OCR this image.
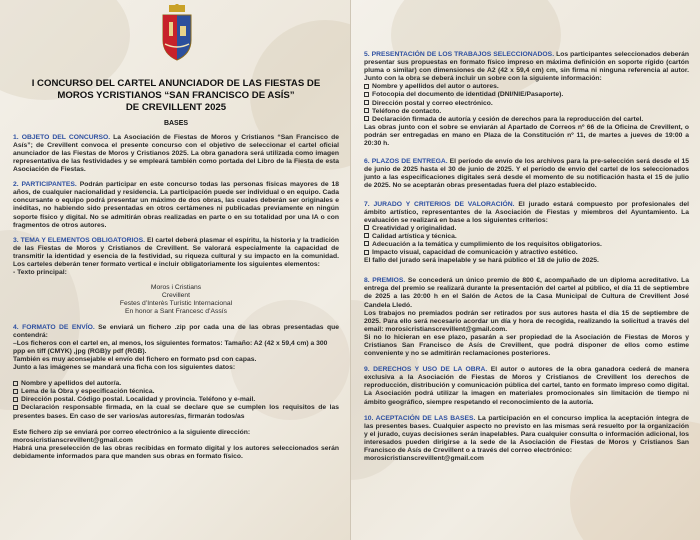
I CONCURSO DEL CARTEL ANUNCIADOR DE LAS FIESTAS DE

MOROS YCRISTIANOS “SAN FRANCISCO DE ASÍS”

DE CREVILLENT 2025

BASES
1. OBJETO DEL CONCURSO. La Asociación de Fiestas de Moros y Cristianos “San Francisco de Asís”; de Crevillent convoca el presente concurso con el objetivo de seleccionar el cartel oficial anunciador de las Fiestas de Moros y Cristianos 2025. La obra ganadora será utilizada como imagen representativa de las festividades y se empleará también como portada del Libro de la Fiesta de esta Asociación de Fiestas.
2. PARTICIPANTES. Podrán participar en este concurso todas las personas físicas mayores de 18 años, de cualquier nacionalidad y residencia. La participación puede ser individual o en equipo. Cada concursante o equipo podrá presentar un máximo de dos obras, las cuales deberán ser originales e inéditas, no habiendo sido presentadas en otros certámenes ni publicadas previamente en ningún soporte físico y digital. No se admitirán obras realizadas en parte o en su totalidad por una IA o con fragmentos de otros autores.
3. TEMA Y ELEMENTOS OBLIGATORIOS. El cartel deberá plasmar el espíritu, la historia y la tradición de las Fiestas de Moros y Cristianos de Crevillent. Se valorará especialmente la capacidad de transmitir la identidad y esencia de la festividad, su riqueza cultural y su impacto en la comunidad. Los carteles deberán tener formato vertical e incluir obligatoriamente los siguientes elementos:

- Texto principal:

Moros i Cristians

Crevillent

Festes d’Interès Turístic Internacional

En honor a Sant Francesc d’Assís

4. FORMATO DE ENVÍO. Se enviará un fichero .zip por cada una de las obras presentadas que contendrá:

–Los ficheros con el cartel en, al menos, los siguientes formatos: Tamaño: A2 (42 x 59,4 cm) a 300 ppp en tiff (CMYK) ,jpg (RGB)y pdf (RGB).

También es muy aconsejable el envío del fichero en formato psd con capas.

Junto a las imágenes se mandará una ficha con los siguientes datos:

Nombre y apellidos del autor/a.

Lema de la Obra y especificación técnica.

Dirección postal. Código postal. Localidad y provincia. Teléfono y e-mail.

Declaración responsable firmada, en la cual se declare que se cumplen los requisitos de las presentes bases. En caso de ser varios/as autores/as, firmarán todos/as

Este fichero zip se enviará por correo electrónico a la siguiente dirección:

morosicristianscrevillent@gmail.com

Habrá una preselección de las obras recibidas en formato digital y los autores seleccionados serán debidamente informados para que manden sus obras en formato físico.

5. PRESENTACIÓN DE LOS TRABAJOS SELECCIONADOS. Los participantes seleccionados deberán presentar sus propuestas en formato físico impreso en máxima definición en soporte rígido (cartón pluma o similar) con dimensiones de A2 (42 x 59,4 cm) cm, sin firma ni ninguna referencia al autor. Junto con la obra se deberá incluir un sobre con la siguiente información:

Nombre y apellidos del autor o autores.

Fotocopia del documento de identidad (DNI/NIE/Pasaporte).

Dirección postal y correo electrónico.

Teléfono de contacto.

Declaración firmada de autoría y cesión de derechos para la reproducción del cartel.

Las obras junto con el sobre se enviarán al Apartado de Correos nº 66 de la Oficina de Crevillent, o podrán ser entregadas en mano en Plaza de la Constitución nº 11, de martes a jueves de 19:00 a 20:30 h.

6. PLAZOS DE ENTREGA. El período de envío de los archivos para la pre-selección será desde el 15 de junio de 2025 hasta el 30 de junio de 2025. Y el período de envío del cartel de los seleccionados junto a las especificaciones digitales será desde el momento de su notificación hasta el 15 de julio de 2025. No se aceptarán obras presentadas fuera del plazo establecido.
7. JURADO Y CRITERIOS DE VALORACIÓN. El jurado estará compuesto por profesionales del ámbito artístico, representantes de la Asociación de Fiestas y miembros del Ayuntamiento. La evaluación se realizará en base a los siguientes criterios:

Creatividad y originalidad.

Calidad artística y técnica.

Adecuación a la temática y cumplimiento de los requisitos obligatorios.

Impacto visual, capacidad de comunicación y atractivo estético.

El fallo del jurado será inapelable y se hará público el 18 de julio de 2025.

8. PREMIOS. Se concederá un único premio de 800 €, acompañado de un diploma acreditativo. La entrega del premio se realizará durante la presentación del cartel al público, el día 11 de septiembre de 2025 a las 20:00 h en el Salón de Actos de la Casa Municipal de Cultura de Crevillent José Candela Lledó.

Los trabajos no premiados podrán ser retirados por sus autores hasta el día 15 de septiembre de 2025. Para ello será necesario acordar un día y hora de recogida, realizando la solicitud a través del email: morosicristianscrevillent@gmail.com.

Si no lo hicieran en ese plazo, pasarán a ser propiedad de la Asociación de Fiestas de Moros y Cristianos San Francisco de Asís de Crevillent, que podrá disponer de ellos como estime conveniente y no se admitirán reclamaciones posteriores.

9. DERECHOS Y USO DE LA OBRA. El autor o autores de la obra ganadora cederá de manera exclusiva a la Asociación de Fiestas de Moros y Cristianos de Crevillent los derechos de reproducción, distribución y comunicación pública del cartel, tanto en formato impreso como digital. La Asociación podrá utilizar la imagen en materiales promocionales sin limitación de tiempo ni ámbito geográfico, siempre respetando el reconocimiento de la autoría.
10. ACEPTACIÓN DE LAS BASES. La participación en el concurso implica la aceptación íntegra de las presentes bases. Cualquier aspecto no previsto en las mismas será resuelto por la organización y el jurado, cuyas decisiones serán inapelables. Para cualquier consulta o información adicional, los interesados pueden dirigirse a la sede de la Asociación de Fiestas de Moros y Cristianos San Francisco de Asís de Crevillent o a través del correo electrónico:

morosicristianscrevillent@gmail.com
